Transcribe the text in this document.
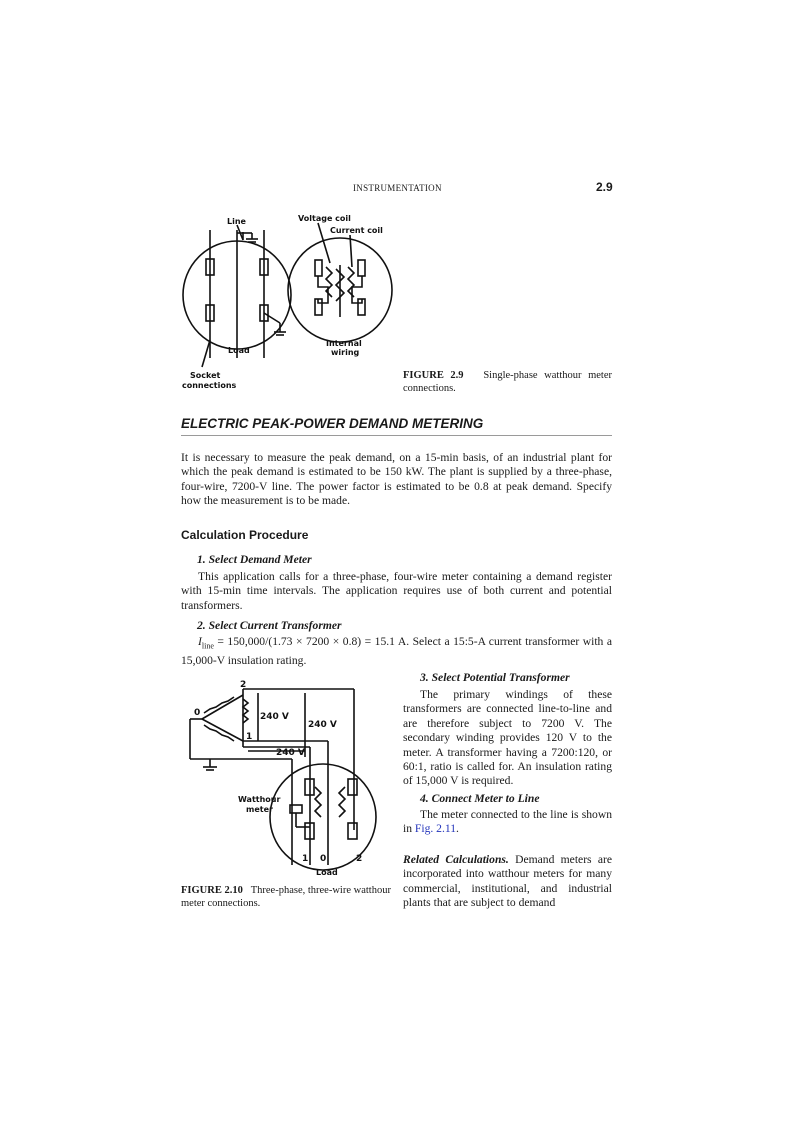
INSTRUMENTATION	2.9
Line	Voltage coil
Current coil
Load
Internal
wiring
Socket
connections
FIGURE 2.9 Single-phase watthour meter connections.
ELECTRIC PEAK-POWER DEMAND METERING
It is necessary to measure the peak demand, on a 15-min basis, of an industrial plant for which the peak demand is estimated to be 150 kW. The plant is supplied by a three-phase, four-wire, 7200-V line. The power factor is estimated to be 0.8 at peak demand. Specify how the measurement is to be made.
Calculation Procedure
1. Select Demand Meter
This application calls for a three-phase, four-wire meter containing a demand register with 15-min time intervals. The application requires use of both current and potential transformers.
2. Select Current Transformer
$I_{line} = 150,000/(1.73 \times 7200 \times 0.8) = 15.1$ A. Select a 15:5-A current transformer with a 15,000-V insulation rating.
2
0
1
240 V
240 V
240 V
Watthour
meter
1 0	2
Load
FIGURE 2.10 Three-phase, three-wire watthour meter connections.
3. Select Potential Transformer
The primary windings of these transformers are connected line-to-line and are therefore subject to 7200 V. The secondary winding provides 120 V to the meter. A transformer having a 7200:120, or 60:1, ratio is called for. An insulation rating of 15,000 V is required.
4. Connect Meter to Line
The meter connected to the line is shown in Fig. 2.11.
Related Calculations. Demand meters are incorporated into watthour meters for many commercial, institutional, and industrial plants that are subject to demand
